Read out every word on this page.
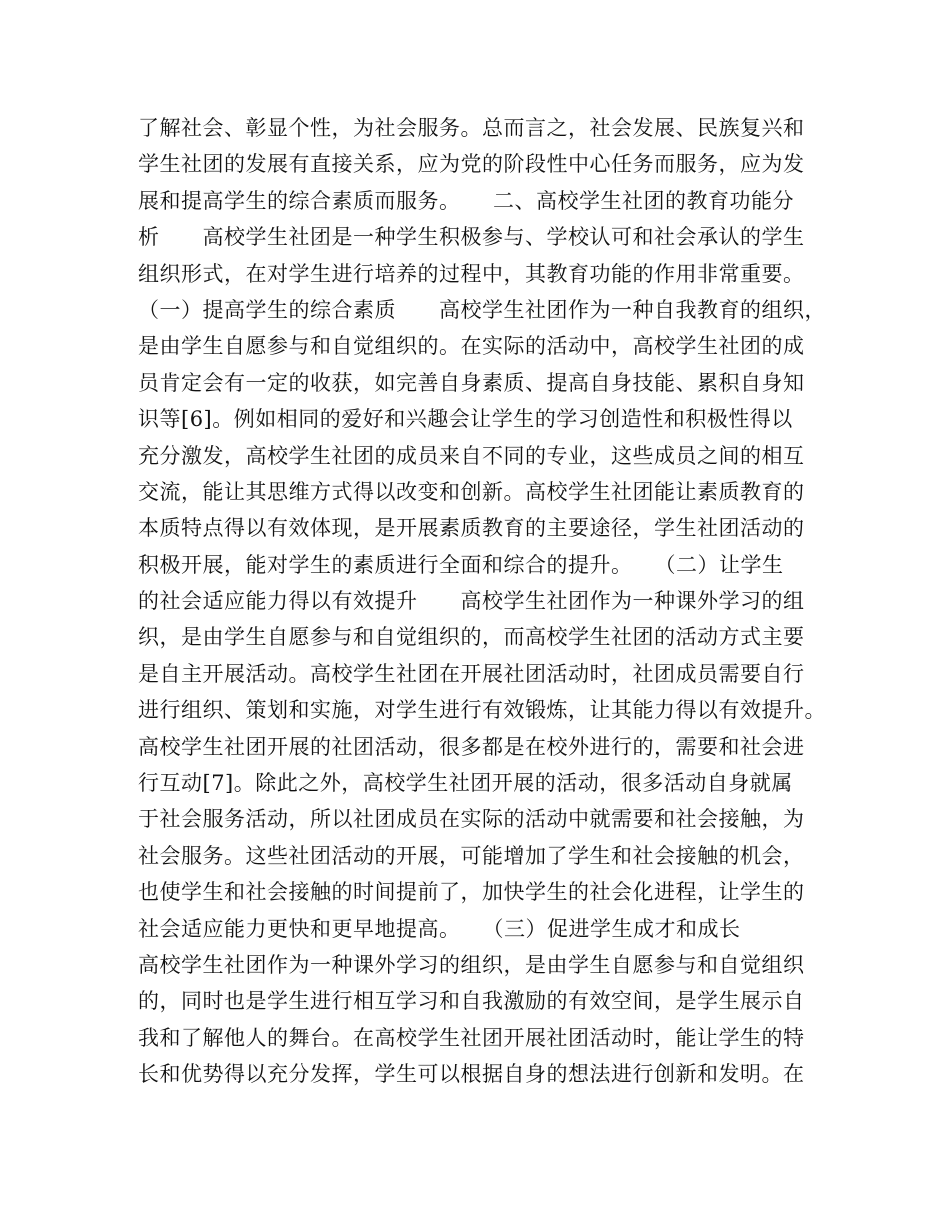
了解社会、彰显个性，为社会服务。总而言之，社会发展、民族复兴和
学生社团的发展有直接关系，应为党的阶段性中心任务而服务，应为发
展和提高学生的综合素质而服务。　　二、高校学生社团的教育功能分
析　　高校学生社团是一种学生积极参与、学校认可和社会承认的学生
组织形式，在对学生进行培养的过程中，其教育功能的作用非常重要。
（一）提高学生的综合素质　　高校学生社团作为一种自我教育的组织，
是由学生自愿参与和自觉组织的。在实际的活动中，高校学生社团的成
员肯定会有一定的收获，如完善自身素质、提高自身技能、累积自身知
识等[6]。例如相同的爱好和兴趣会让学生的学习创造性和积极性得以
充分激发，高校学生社团的成员来自不同的专业，这些成员之间的相互
交流，能让其思维方式得以改变和创新。高校学生社团能让素质教育的
本质特点得以有效体现，是开展素质教育的主要途径，学生社团活动的
积极开展，能对学生的素质进行全面和综合的提升。　　（二）让学生
的社会适应能力得以有效提升　　高校学生社团作为一种课外学习的组
织，是由学生自愿参与和自觉组织的，而高校学生社团的活动方式主要
是自主开展活动。高校学生社团在开展社团活动时，社团成员需要自行
进行组织、策划和实施，对学生进行有效锻炼，让其能力得以有效提升。
高校学生社团开展的社团活动，很多都是在校外进行的，需要和社会进
行互动[7]。除此之外，高校学生社团开展的活动，很多活动自身就属
于社会服务活动，所以社团成员在实际的活动中就需要和社会接触，为
社会服务。这些社团活动的开展，可能增加了学生和社会接触的机会，
也使学生和社会接触的时间提前了，加快学生的社会化进程，让学生的
社会适应能力更快和更早地提高。　　（三）促进学生成才和成长
高校学生社团作为一种课外学习的组织，是由学生自愿参与和自觉组织
的，同时也是学生进行相互学习和自我激励的有效空间，是学生展示自
我和了解他人的舞台。在高校学生社团开展社团活动时，能让学生的特
长和优势得以充分发挥，学生可以根据自身的想法进行创新和发明。在
